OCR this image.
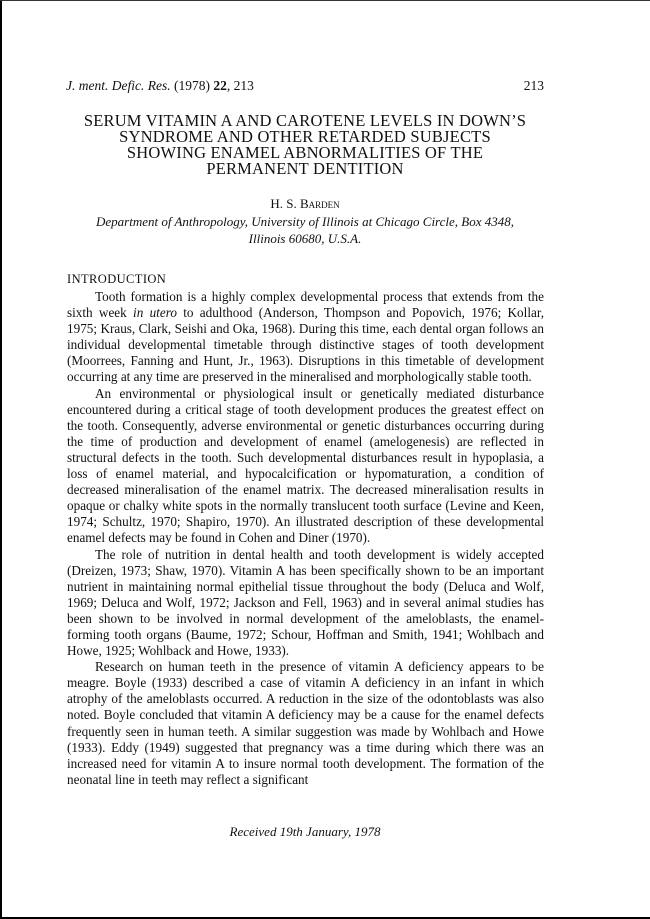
J. ment. Defic. Res. (1978) 22, 213	213
SERUM VITAMIN A AND CAROTENE LEVELS IN DOWN’S
SYNDROME AND OTHER RETARDED SUBJECTS
SHOWING ENAMEL ABNORMALITIES OF THE
PERMANENT DENTITION
H. S. Barden
Department of Anthropology, University of Illinois at Chicago Circle, Box 4348,
Illinois 60680, U.S.A.
INTRODUCTION

Tooth formation is a highly complex developmental process that extends from the sixth week in utero to adulthood (Anderson, Thompson and Popovich, 1976; Kollar, 1975; Kraus, Clark, Seishi and Oka, 1968). During this time, each dental organ follows an individual developmental timetable through distinctive stages of tooth development (Moorrees, Fanning and Hunt, Jr., 1963). Disruptions in this timetable of development occurring at any time are preserved in the mineralised and morphologically stable tooth.

An environmental or physiological insult or genetically mediated disturbance encountered during a critical stage of tooth development produces the greatest effect on the tooth. Consequently, adverse environmental or genetic disturbances occurring during the time of production and development of enamel (amelogenesis) are reflected in structural defects in the tooth. Such developmental disturbances result in hypoplasia, a loss of enamel material, and hypocalcification or hypomaturation, a condition of decreased mineralisation of the enamel matrix. The decreased mineralisation results in opaque or chalky white spots in the normally translucent tooth surface (Levine and Keen, 1974; Schultz, 1970; Shapiro, 1970). An illustrated description of these developmental enamel defects may be found in Cohen and Diner (1970).

The role of nutrition in dental health and tooth development is widely accepted (Dreizen, 1973; Shaw, 1970). Vitamin A has been specifically shown to be an important nutrient in maintaining normal epithelial tissue throughout the body (Deluca and Wolf, 1969; Deluca and Wolf, 1972; Jackson and Fell, 1963) and in several animal studies has been shown to be involved in normal development of the ameloblasts, the enamel-forming tooth organs (Baume, 1972; Schour, Hoffman and Smith, 1941; Wohlbach and Howe, 1925; Wohlback and Howe, 1933).

Research on human teeth in the presence of vitamin A deficiency appears to be meagre. Boyle (1933) described a case of vitamin A deficiency in an infant in which atrophy of the ameloblasts occurred. A reduction in the size of the odontoblasts was also noted. Boyle concluded that vitamin A deficiency may be a cause for the enamel defects frequently seen in human teeth. A similar suggestion was made by Wohlbach and Howe (1933). Eddy (1949) suggested that pregnancy was a time during which there was an increased need for vitamin A to insure normal tooth development. The formation of the neonatal line in teeth may reflect a significant

Received 19th January, 1978
